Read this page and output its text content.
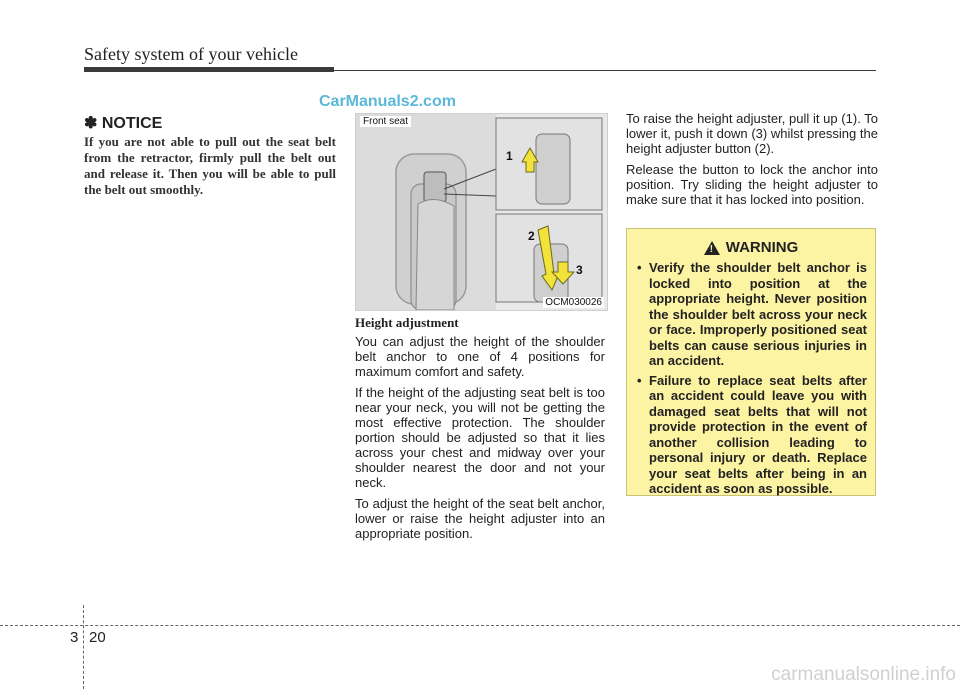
Safety system of your vehicle
CarManuals2.com
✽ NOTICE
If you are not able to pull out the seat belt from the retractor, firmly pull the belt out and release it. Then you will be able to pull the belt out smoothly.
1
2
3
Front seat
OCM030026
Height adjustment

You can adjust the height of the shoulder belt anchor to one of 4 positions for maximum comfort and safety.

If the height of the adjusting seat belt is too near your neck, you will not be getting the most effective protection. The shoulder portion should be adjusted so that it lies across your chest and midway over your shoulder nearest the door and not your neck.

To adjust the height of the seat belt anchor, lower or raise the height adjuster into an appropriate position.

To raise the height adjuster, pull it up (1). To lower it, push it down (3) whilst pressing the height adjuster button (2).

Release the button to lock the anchor into position. Try sliding the height adjuster to make sure that it has locked into position.

! WARNING
• Verify the shoulder belt anchor is locked into position at the appropriate height. Never position the shoulder belt across your neck or face. Improperly positioned seat belts can cause serious injuries in an accident.
• Failure to replace seat belts after an accident could leave you with damaged seat belts that will not provide protection in the event of another collision leading to personal injury or death. Replace your seat belts after being in an accident as soon as possible.
3 20
carmanualsonline.info
